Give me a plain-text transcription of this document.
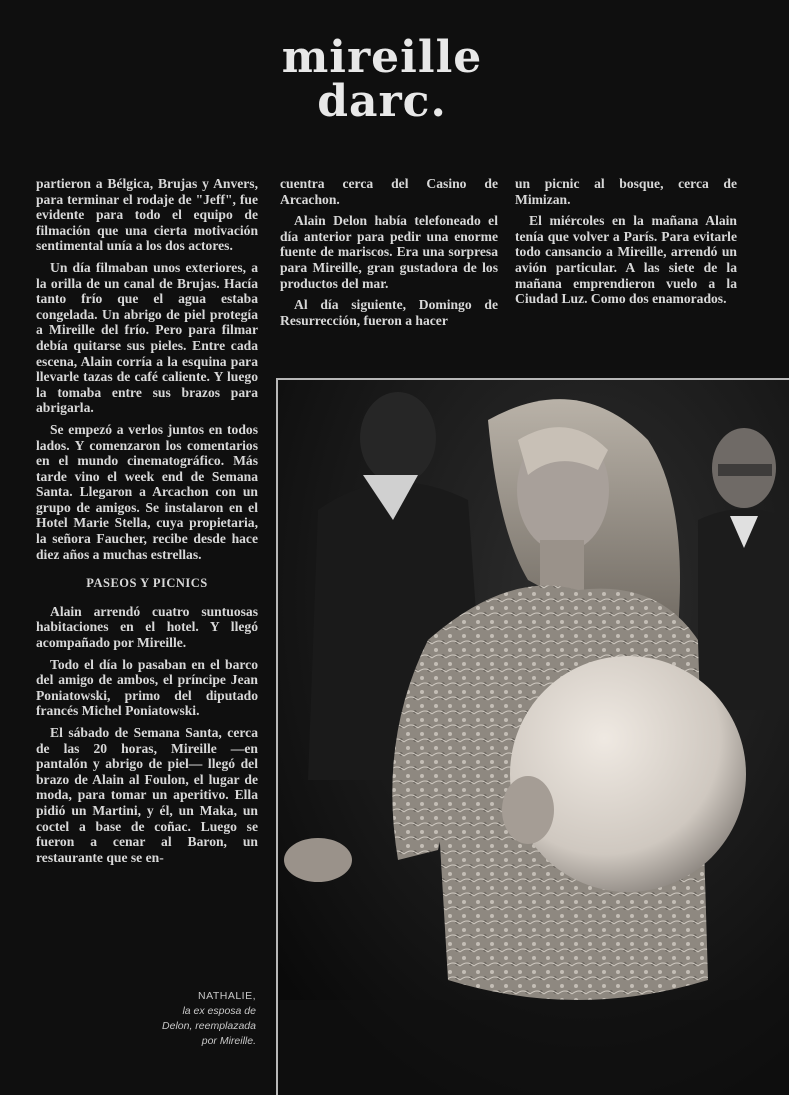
mireille
darc.

partieron a Bélgica, Brujas y Anvers, para terminar el rodaje de "Jeff", fue evidente para todo el equipo de filmación que una cierta motivación sentimental unía a los dos actores.

Un día filmaban unos exteriores, a la orilla de un canal de Brujas. Hacía tanto frío que el agua estaba congelada. Un abrigo de piel protegía a Mireille del frío. Pero para filmar debía quitarse sus pieles. Entre cada escena, Alain corría a la esquina para llevarle tazas de café caliente. Y luego la tomaba entre sus brazos para abrigarla.

Se empezó a verlos juntos en todos lados. Y comenzaron los comentarios en el mundo cinematográfico. Más tarde vino el week end de Semana Santa. Llegaron a Arcachon con un grupo de amigos. Se instalaron en el Hotel Marie Stella, cuya propietaria, la señora Faucher, recibe desde hace diez años a muchas estrellas.

PASEOS Y PICNICS

Alain arrendó cuatro suntuosas habitaciones en el hotel. Y llegó acompañado por Mireille.

Todo el día lo pasaban en el barco del amigo de ambos, el príncipe Jean Poniatowski, primo del diputado francés Michel Poniatowski.

El sábado de Semana Santa, cerca de las 20 horas, Mireille —en pantalón y abrigo de piel— llegó del brazo de Alain al Foulon, el lugar de moda, para tomar un aperitivo. Ella pidió un Martini, y él, un Maka, un coctel a base de coñac. Luego se fueron a cenar al Baron, un restaurante que se en-

cuentra cerca del Casino de Arcachon.

Alain Delon había telefoneado el día anterior para pedir una enorme fuente de mariscos. Era una sorpresa para Mireille, gran gustadora de los productos del mar.

Al día siguiente, Domingo de Resurrección, fueron a hacer

un picnic al bosque, cerca de Mimizan.

El miércoles en la mañana Alain tenía que volver a París. Para evitarle todo cansancio a Mireille, arrendó un avión particular. A las siete de la mañana emprendieron vuelo a la Ciudad Luz. Como dos enamorados.

NATHALIE,
la ex esposa de Delon, reemplazada por Mireille.
